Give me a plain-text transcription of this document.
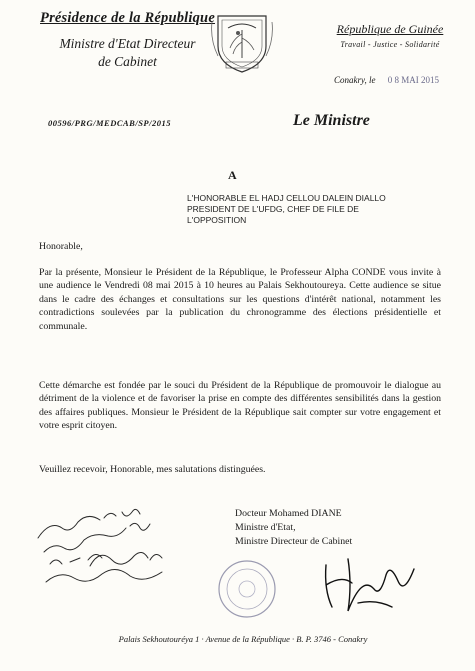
Présidence de la République
Ministre d'Etat Directeur
de Cabinet
République de Guinée
Travail - Justice - Solidarité
Conakry, le 0 8 MAI 2015
00596/PRG/MEDCAB/SP/2015	Le Ministre
A
L'HONORABLE EL HADJ CELLOU DALEIN DIALLO
PRESIDENT DE L'UFDG, CHEF DE FILE DE
L'OPPOSITION
Honorable,
Par la présente, Monsieur le Président de la République, le Professeur Alpha CONDE vous invite à une audience le Vendredi 08 mai 2015 à 10 heures au Palais Sekhoutoureya. Cette audience se situe dans le cadre des échanges et consultations sur les questions d'intérêt national, notamment les contradictions soulevées par la publication du chronogramme des élections présidentielle et communale.
Cette démarche est fondée par le souci du Président de la République de promouvoir le dialogue au détriment de la violence et de favoriser la prise en compte des différentes sensibilités dans la gestion des affaires publiques. Monsieur le Président de la République sait compter sur votre engagement et votre esprit citoyen.
Veuillez recevoir, Honorable, mes salutations distinguées.
Docteur Mohamed DIANE
Ministre d'Etat,
Ministre Directeur de Cabinet
Palais Sekhoutouréya 1 · Avenue de la République · B. P. 3746 - Conakry
